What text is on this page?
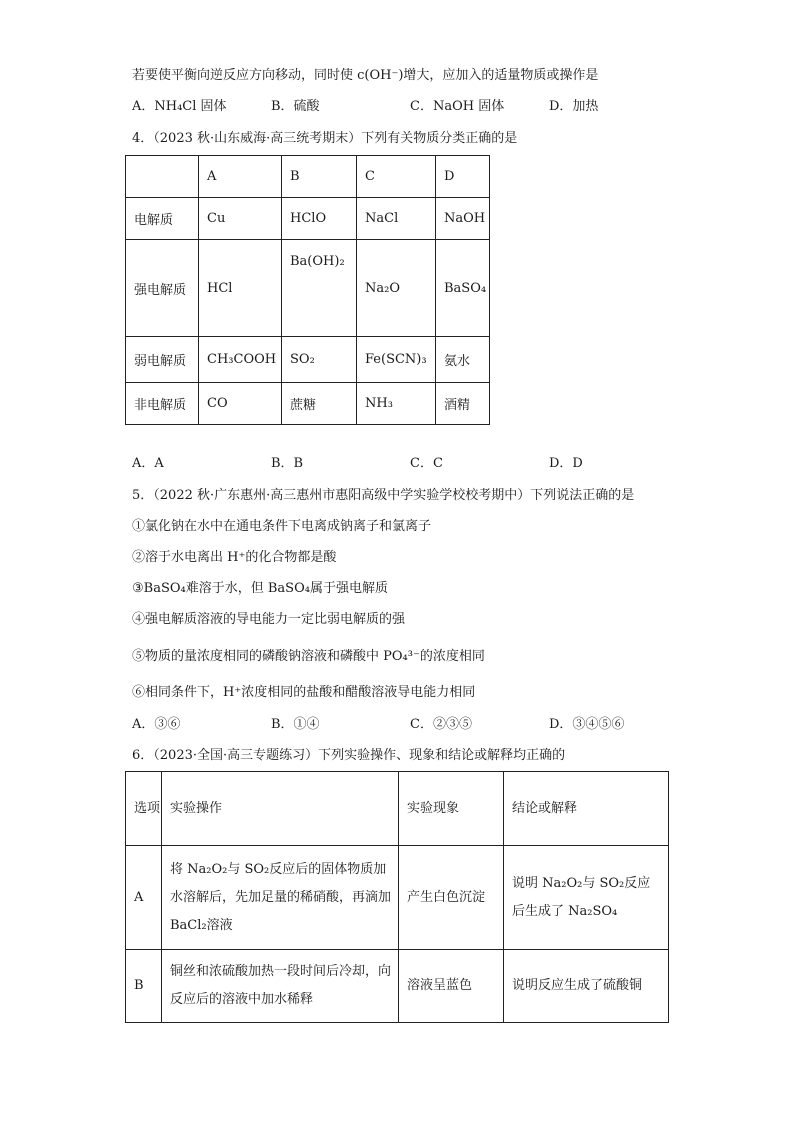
若要使平衡向逆反应方向移动，同时使 c(OH⁻)增大，应加入的适量物质或操作是
A．NH₄Cl 固体	B．硫酸	C．NaOH 固体	D．加热
4．（2023 秋·山东威海·高三统考期末）下列有关物质分类正确的是
	A	B	C	D
电解质	Cu	HClO	NaCl	NaOH
强电解质	HCl	Ba(OH)₂	Na₂O	BaSO₄
弱电解质	CH₃COOH	SO₂	Fe(SCN)₃	氨水
非电解质	CO	蔗糖	NH₃	酒精
A．A	B．B	C．C	D．D
5．（2022 秋·广东惠州·高三惠州市惠阳高级中学实验学校校考期中）下列说法正确的是
①氯化钠在水中在通电条件下电离成钠离子和氯离子
②溶于水电离出 H⁺的化合物都是酸
③BaSO₄难溶于水，但 BaSO₄属于强电解质
④强电解质溶液的导电能力一定比弱电解质的强
⑤物质的量浓度相同的磷酸钠溶液和磷酸中 PO₄³⁻的浓度相同
⑥相同条件下，H⁺浓度相同的盐酸和醋酸溶液导电能力相同
A．③⑥	B．①④	C．②③⑤	D．③④⑤⑥
6．（2023·全国·高三专题练习）下列实验操作、现象和结论或解释均正确的
选项	实验操作	实验现象	结论或解释
A	将 Na₂O₂与 SO₂反应后的固体物质加水溶解后，先加足量的稀硝酸，再滴加 BaCl₂溶液	产生白色沉淀	说明 Na₂O₂与 SO₂反应后生成了 Na₂SO₄
B	铜丝和浓硫酸加热一段时间后冷却，向反应后的溶液中加水稀释	溶液呈蓝色	说明反应生成了硫酸铜
